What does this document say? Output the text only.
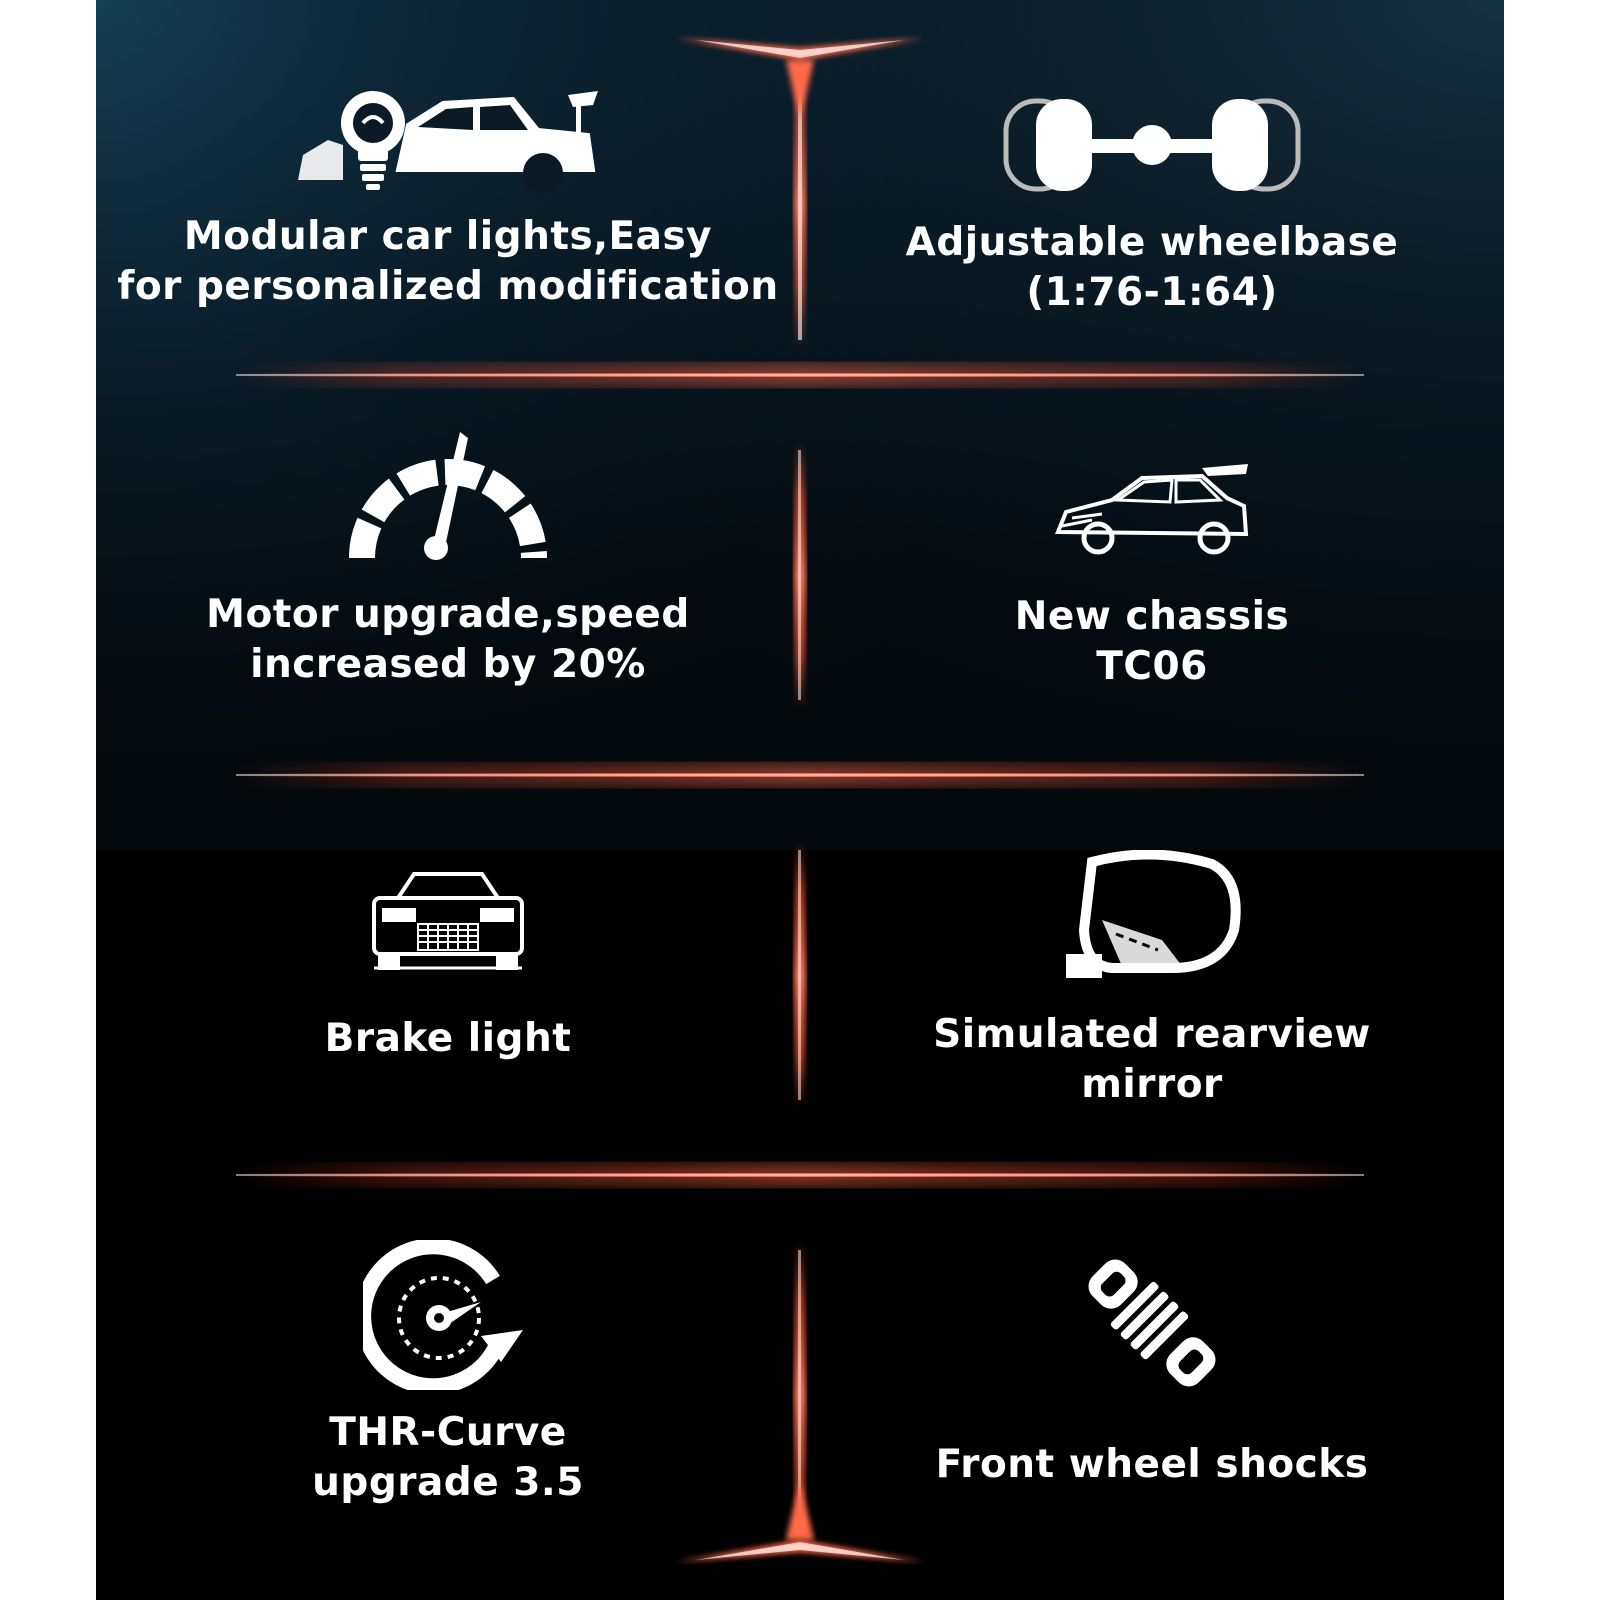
Modular car lights,Easy
for personalized modification
Adjustable wheelbase
(1:76-1:64)
Motor upgrade,speed
increased by 20%
New chassis
TC06
Brake light	Simulated rearview
mirror
THR-Curve
upgrade 3.5	Front wheel shocks
